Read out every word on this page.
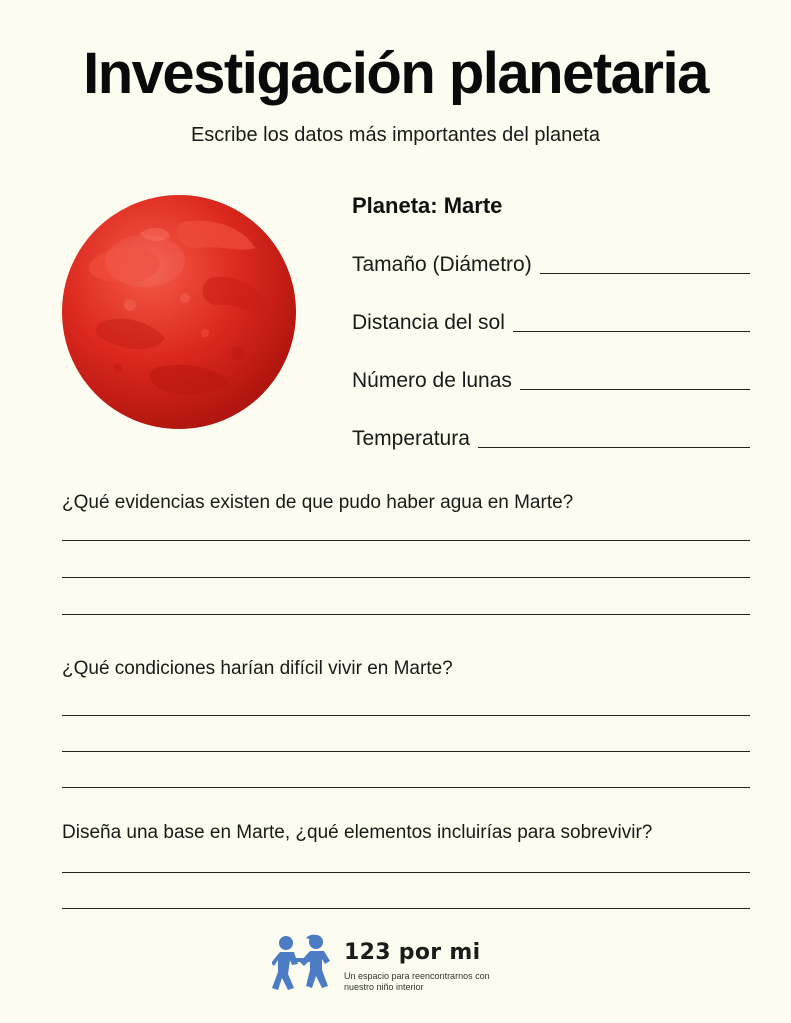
Investigación planetaria
Escribe los datos más importantes del planeta
Planeta: Marte
Tamaño (Diámetro)
Distancia del sol
Número de lunas
Temperatura
¿Qué evidencias existen de que pudo haber agua en Marte?
¿Qué condiciones harían difícil vivir en Marte?
Diseña una base en Marte, ¿qué elementos incluirías para sobrevivir?
123 por mi
Un espacio para reencontrarnos con nuestro niño interior
